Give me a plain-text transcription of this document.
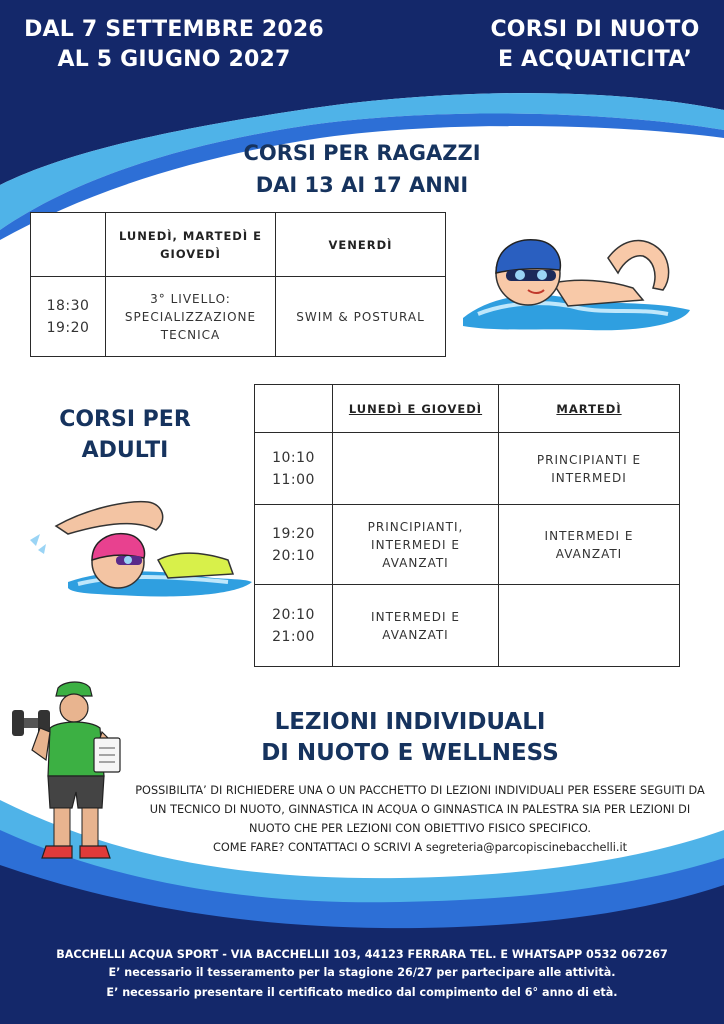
DAL 7 SETTEMBRE 2026
AL 5 GIUGNO 2027
CORSI DI NUOTO
E ACQUATICITA’
CORSI PER RAGAZZI
DAI 13 AI 17 ANNI
	LUNEDÌ, MARTEDÌ E GIOVEDÌ	VENERDÌ

18:30
19:20	3° LIVELLO: SPECIALIZZAZIONE TECNICA	SWIM & POSTURAL
CORSI PER
ADULTI
	LUNEDÌ E GIOVEDÌ	MARTEDÌ

10:10
11:00		PRINCIPIANTI E INTERMEDI

19:20
20:10	PRINCIPIANTI, INTERMEDI E AVANZATI	INTERMEDI E AVANZATI

20:10
21:00	INTERMEDI E AVANZATI	

LEZIONI INDIVIDUALI
DI NUOTO E WELLNESS
POSSIBILITA’ DI RICHIEDERE UNA O UN PACCHETTO DI LEZIONI INDIVIDUALI PER ESSERE SEGUITI DA UN TECNICO DI NUOTO, GINNASTICA IN ACQUA O GINNASTICA IN PALESTRA SIA PER LEZIONI DI NUOTO CHE PER LEZIONI CON OBIETTIVO FISICO SPECIFICO.
COME FARE? CONTATTACI O SCRIVI A segreteria@parcopiscinebacchelli.it
BACCHELLI ACQUA SPORT - VIA BACCHELLII 103, 44123 FERRARA TEL. E WHATSAPP 0532 067267
E’ necessario il tesseramento per la stagione 26/27 per partecipare alle attività.
E’ necessario presentare il certificato medico dal compimento del 6° anno di età.
